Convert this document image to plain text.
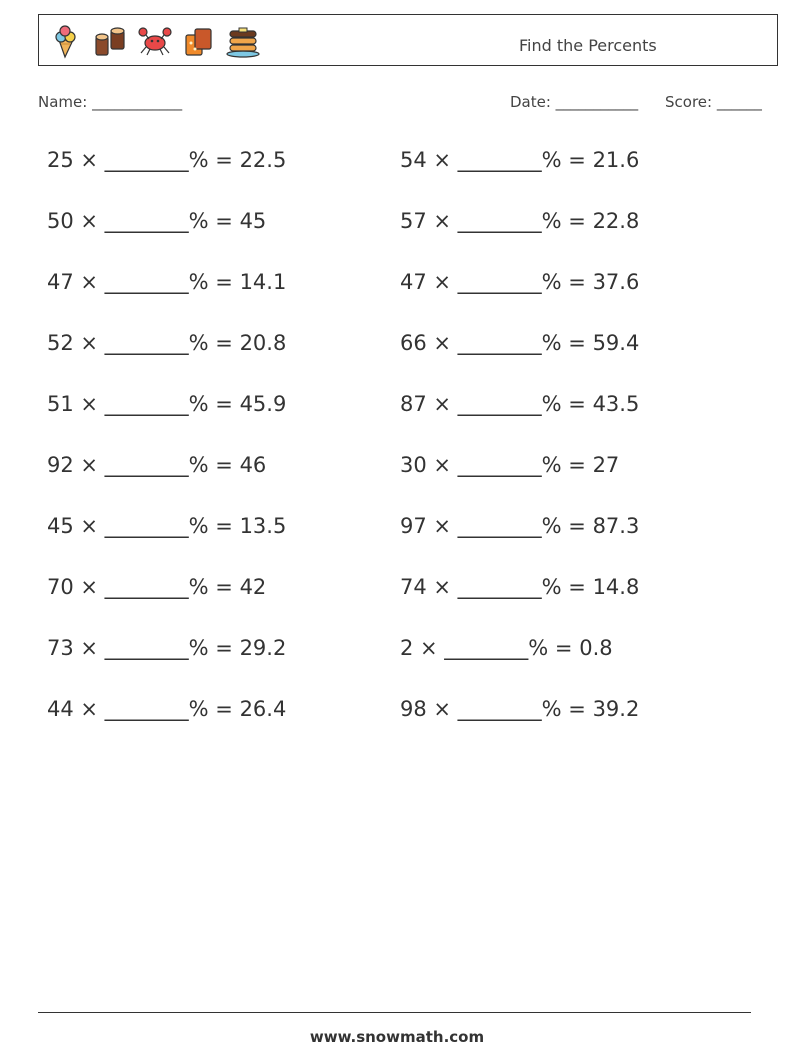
Find the Percents
Name: ____________	Date: ___________ Score: ______
25 × ________% = 22.5	54 × ________% = 21.6
50 × ________% = 45	57 × ________% = 22.8
47 × ________% = 14.1	47 × ________% = 37.6
52 × ________% = 20.8	66 × ________% = 59.4
51 × ________% = 45.9	87 × ________% = 43.5
92 × ________% = 46	30 × ________% = 27
45 × ________% = 13.5	97 × ________% = 87.3
70 × ________% = 42	74 × ________% = 14.8
73 × ________% = 29.2	2 × ________% = 0.8
44 × ________% = 26.4	98 × ________% = 39.2
www.snowmath.com
